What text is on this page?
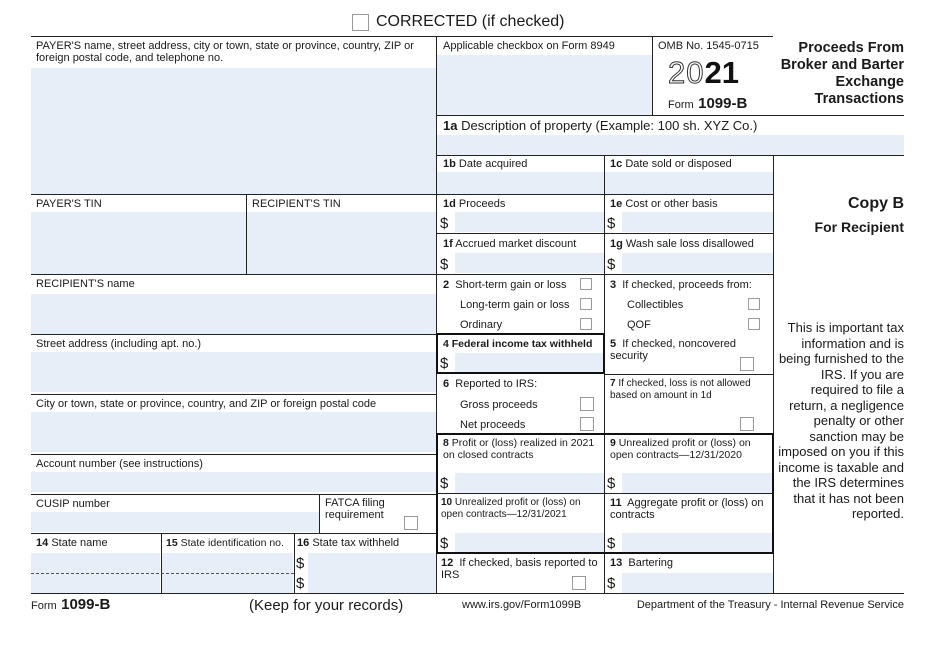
CORRECTED (if checked)
PAYER'S name, street address, city or town, state or province, country, ZIP or foreign postal code, and telephone no.
PAYER'S TIN	RECIPIENT'S TIN
RECIPIENT'S name
Street address (including apt. no.)
City or town, state or province, country, and ZIP or foreign postal code
Account number (see instructions)
CUSIP number	FATCA filing requirement
14 State name	15 State identification no. 16 State tax withheld
$
$
Applicable checkbox on Form 8949	OMB No. 1545-0715
2021
Form 1099-B
Proceeds From Broker and Barter Exchange Transactions
1a Description of property (Example: 100 sh. XYZ Co.)
1b Date acquired	1c Date sold or disposed
1d Proceeds
$
1e Cost or other basis
$
1f Accrued market discount
$
1g Wash sale loss disallowed
$
2 Short-term gain or loss
Long-term gain or loss
Ordinary
3 If checked, proceeds from:
Collectibles
QOF
4 Federal income tax withheld
$
5 If checked, noncovered security
6 Reported to IRS:
Gross proceeds
Net proceeds
7 If checked, loss is not allowed based on amount in 1d
8 Profit or (loss) realized in 2021 on closed contracts
$
9 Unrealized profit or (loss) on open contracts—12/31/2020
$
10 Unrealized profit or (loss) on open contracts—12/31/2021
$
11 Aggregate profit or (loss) on contracts
$
12 If checked, basis reported to IRS
13 Bartering
$
Copy B
For Recipient
This is important tax information and is being furnished to the IRS. If you are required to file a return, a negligence penalty or other sanction may be imposed on you if this income is taxable and the IRS determines that it has not been reported.
Form 1099-B	(Keep for your records)	www.irs.gov/Form1099B	Department of the Treasury - Internal Revenue Service
